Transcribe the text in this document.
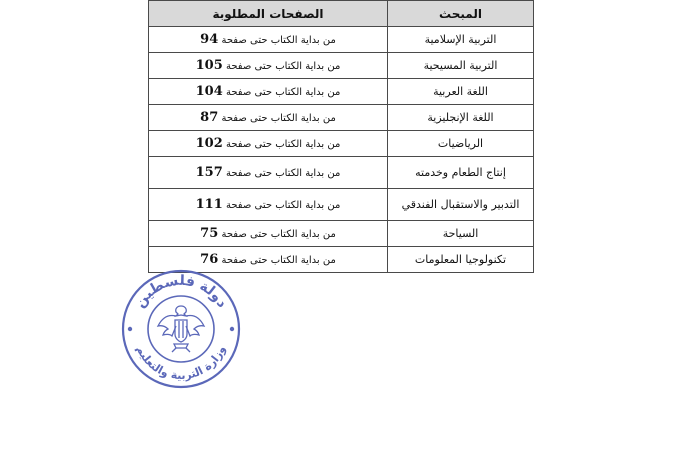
المبحث	الصفحات المطلوبة
التربية الإسلامية	من بداية الكتاب حتى صفحة 94
التربية المسيحية	من بداية الكتاب حتى صفحة 105
اللغة العربية	من بداية الكتاب حتى صفحة 104
اللغة الإنجليزية	من بداية الكتاب حتى صفحة 87
الرياضيات	من بداية الكتاب حتى صفحة 102
إنتاج الطعام وخدمته	من بداية الكتاب حتى صفحة 157
التدبير والاستقبال الفندقي	من بداية الكتاب حتى صفحة 111
السياحة	من بداية الكتاب حتى صفحة 75
تكنولوجيا المعلومات	من بداية الكتاب حتى صفحة 76
دولة فلسطين
وزارة التربية والتعليم
